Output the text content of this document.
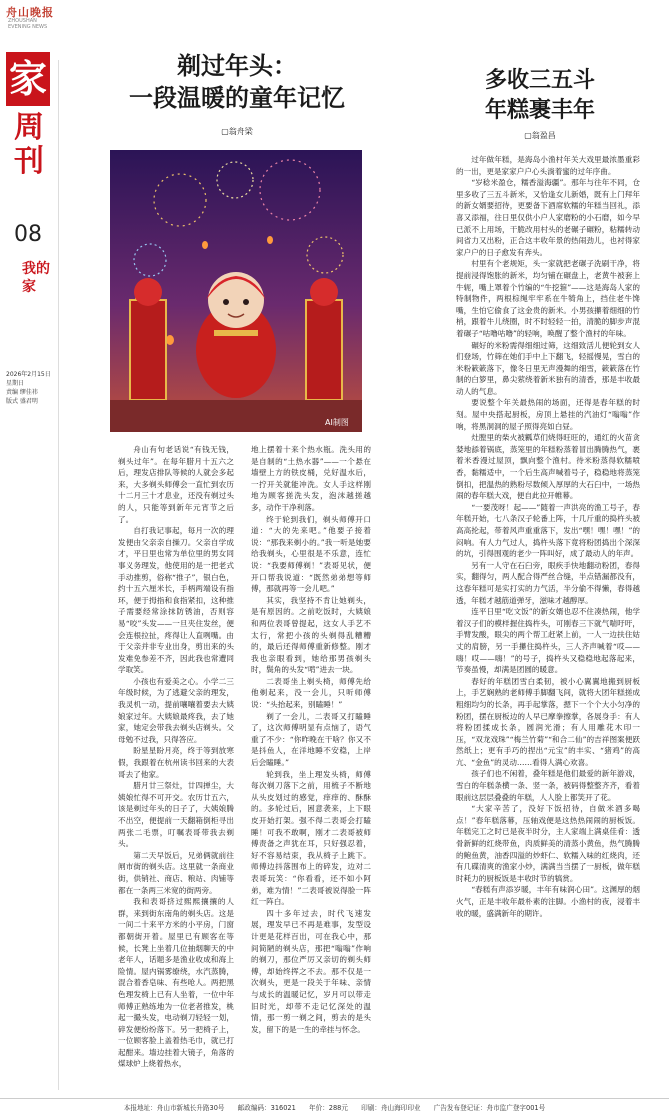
舟山晚报
ZHOUSHAN
EVENING NEWS
家
周
刊
08
我的
家
2026年2月15日
星期日
责编 缪佳祎
版式 盛君明
剃过年头：
一段温暖的童年记忆
▢翁舟梁
AI制图

舟山有句老话说“有钱无钱，剃头过年”。在每年腊月十五六之后，理发店排队等候的人就会多起来，大多剃头师傅会一直忙到农历十二月三十才息业，还没有剃过头的人，只能等到新年元宵节之后了。

自打我记事起，每月一次的理发便由父亲亲自操刀。父亲自学成才，平日里也常为单位里的男女同事义务理发，他使用的是一把老式手动推剪，俗称“推子”，银白色，约十五六厘米长，手柄两端设有指环，便于拇指和食指紧扣，这种推子需要经常涂抹防锈油，否则容易“咬”头发——一旦夹住发丝，便会连根拉扯，疼得让人直咧嘴。由于父亲并非专业出身，剪出来的头发难免参差不齐，因此我也常遭同学取笑。

小孩也有爱美之心。小学二三年级时候，为了逃避父亲的理发，我灵机一动，提前嚷嚷着要去大姨娘家过年。大姨娘最疼我，去了她家，她定会带我去剃头店剃头。父母勉不过我，只得答应。

盼星星盼月亮，终于等到放寒假，我跟着在杭州读书回来的大表哥去了他家。

腊月廿三祭灶，廿四掸尘，大姨娘忙得不可开交。农历廿五六，该是剃过年头的日子了，大姨娘腾不出空，便提前一天翻箱倒柜寻出两张二毛票，叮嘱表哥带我去剃头。

第二天早饭后，兄弟俩就前往闸市街的剃头店。这里就一条商业街，供销社、商店、粮站、肉铺等都在一条两三米宽的街两旁。

我和表哥挤过熙熙攘攘的人群，来到街东南角的剃头店。这是一间二十来平方米的小平房，门窗都朝街开着。屋里已有顾客在等候，长凳上坐着几位抽烟聊天的中老年人，话题多是渔业收成和海上险情。屋内锅雾缭绕，水汽蒸腾，混合着香皂味、有些呛人。两把黑色理发椅上已有人坐着，一位中年师傅正熟练地为一位老者推发，桃起一撮头发，电动剃刀轻轻一划，碎发便纷纷落下。另一把椅子上，一位顾客脸上盖着热毛巾，就已打起酣来。墙边挂着大镜子，角落的煤球炉上烧着热水，

地上摆着十来个热水瓶。洗头用的是自制的“土热水器”——一个悬在墙壁上方的铁皮桶，兑好温水后，一拧开关就能冲洗。女人手这样刚地为顾客搓洗头发，泡沫越搓越多，动作干净利落。

终于轮到我们，剃头师傅开口道：“大的先来吧。”他要子接着说：“那我来剃小的。”我一听是她要给我剃头，心里很是不乐意，连忙说：“我要师傅剃！”表哥见状，便开口帮我说道：“既然弟弟想等师傅，那就再等一会儿吧。”

其实，我坚持不肯让她剃头，是有原因的。之前吃饭时，大姨娘和两位表哥曾提起，这女人手艺不太行，常把小孩的头剃得乱糟糟的，最后还得师傅重新修整。刚才我也亲眼看到，她给那男孩剃头时，鬓角的头发“啃”进去一块。

二表哥坐上剃头椅，师傅先给他剃起来，没一会儿，只听师傅说：“头抬起来，别瞌睡！”

剃了一会儿，二表哥又打瞌睡了，这次师傅明显有点恼了，语气重了不少：“你昨晚在干啥？你又不是抖鱼人，在洋地睡不安稳，上岸后会瞌睡。”

轮到我，坐上理发头椅，师傅每次剃刀落下之前，用梳子不断地从头皮划过的感觉，痒痒的、酥酥的。多轮过后，困意袭来，上下眼皮开始打架。强不得二表哥会打瞌睡！可我不敢啊，刚才二表哥被师傅责备之声犹在耳，只好强忍着，好不容易结束，我从椅子上跳下。师傅边抖落围布上的碎发，边对二表哥玩笑：“你看看，还不如小阿弟，难为情！”二表哥被说得脸一阵红一阵白。

四十多年过去，时代飞速发展，理发早已不再是难事，发型设计更是花样百出，可在我心中，那间简陋的剃头店，那把“嗡嗡”作响的剃刀，那位严厉又亲切的剃头师傅，却始终挥之不去。那不仅是一次剃头，更是一段关于年味、亲情与成长的温暖记忆，岁月可以带走旧时光，却带不走记忆深处的温情，那一剪一剃之间，剪去的是头发，留下的是一生的牵挂与怀念。

多收三五斗
年糕裹丰年
▢翁盈昌

过年做年糕，是海岛小渔村年关大戏里最浓墨重彩的一出，更是家家户户心头淌着蜜的过年序曲。

“岁稔米盈仓，糯香溢海疆”。那年与往年不同，仓里多收了三五斗新米，又恰逢女儿新婚，既有上门拜年的新女婿要招待，更要备下酒席软糯的年糕当回礼，添喜又添福，往日里仅供小户人家磨粉的小石磨，如今早已派不上用场，干脆改用村头的老碾子碾粉，粘糯转动间省力又出粉，正合这丰收年景的热闹劲儿，也衬得家家户户的日子愈发有奔头。

村里有个老规矩，头一家就把老碾子洗刷干净，将提前浸得饱胀的新米，均匀铺在碾盘上，老黄牛被套上牛轭，嘴上罩着个竹编的“牛挖箍”——这是海岛人家的特制物件，两根棕绳牢牢系在牛犄角上，挡住老牛馋嘴，生怕它偷食了这金贵的新米。小男孩攥着细细的竹梢，跟着牛儿绕圈，时不时轻轻一拍，清脆的脚步声混着碾子“咕噜咕噜”的轻响，唤醒了整个渔村的年味。

碾好的米粉需得细细过筛，这细致活儿便轮到女人们登场，竹筛在她们手中上下翻飞，轻摇慢晃，雪白的米粉簌簌落下，像冬日里无声漫舞的细雪，簌簌落在竹制的白箩里，鼻尖萦绕着新米独有的清香，那是丰收最动人的气息。

要说整个年关最热闹的场面，还得是春年糕的时刻。屋中央搭起厨板，房顶上悬挂的汽油灯“嗡嗡”作响，将黑洞洞的屋子照得亮如白昼。

灶膛里的柴火被瓤草们烧得旺旺的，通红的火苗贪婪地舔着锅底，蒸笼里的年糕粉蒸着冒出腾腾热气，裹着米香漫过屋顶，飘向整个渔村。待米粉蒸得软糯喷香，黏糯适中，一个后生高声喊着号子，稳稳地将蒸笼倒扣，把温热的熟粉尽数倾入厚厚的大石臼中，一场热闹的春年糕大戏，便自此拉开帷幕。

“一要茂呀！起——”随着一声洪亮的渔工号子，春年糕开始，七八条汉子轮番上阵，十几斤重的捣杵头被高高抡起，带着风声重重落下，发出“嘿！嘿！嘿！”的闷响。有人力气过人，捣杵头落下竟将粉团捣出个深深的坑，引得围观的老少一阵叫好，成了最动人的年声。

另有一人守在石臼旁，眼疾手快地翻动粉团，春得实，翻得匀，两人配合得严丝合缝，半点错漏都没有，这春年糕可是实打实的力气活，半分偷不得懒，春得越透，年糕才越筋道弹牙，滋味才越醇厚。

连平日里“吃文饭”的新女婿也忍不住凑热闹，他学着汉子们的模样握住捣杵头，可刚春三下就气喘吁吁，手臂发酸，眼尖的两个帮工赶紧上前，一人一边扶住姑丈的肩膀，另一手攥住捣杵头，三人齐声喊着“哎——嗨！哎——嗨！”的号子，捣杵头又稳稳地起落起来，节奏虽慢，却满是团圆的暖意。

春好的年糕团雪白柔韧，被小心翼翼地搬到厨板上，手艺娴熟的老师傅手脚翻飞间，就将大团年糕搓成粗细均匀的长条，再手起掌落，摁下一个个大小匀净的粉团，摆在厨板边的人早已摩拳擦掌，各展身手：有人将粉团揉成长条，圆润光滑；有人用雕花木印一压，“双龙戏珠”“梅兰竹菊”“和合二仙”的吉祥图案便跃然纸上；更有手巧的捏出“元宝”的丰实、“猪鸡”的高亢、“金鱼”的灵动……看得人满心欢喜。

孩子们也不闲着，叠年糕是他们最爱的新年游戏，雪白的年糕条横一条、竖一条，被码得整整齐齐，看着眼前这层层叠叠的年糕，人人脸上都笑开了花。

“大家辛苦了，没好下饭招待，自做米酒多喝点！”春年糕落幕，压轴戏便是这热热闹闹的厨板饭。年糕完工之时已是夜半时分，主人家端上满桌佳肴：透骨新鲜的红烧带鱼，肉质鲜美的清蒸小黄鱼，热气腾腾的鲍鱼黄，油香四溢的炒虾仁、软糯入味的红烧肉，还有几碟清爽的渔家小炒，满满当当摆了一厨板，做年糕时耗力的厨板饭是丰收时节的犒赏。

“春糕有声添岁暖，丰年有味润心田”。这渊厚的烟火气，正是丰收年最朴素的注脚。小渔村的夜，浸着丰收的暖，盛满新年的期许。

本报地址：舟山市新城长升路30号　　邮政编码：316021　　年价：288元　　印刷：舟山海印印业　　广告发布登记证：舟市监广登字001号
